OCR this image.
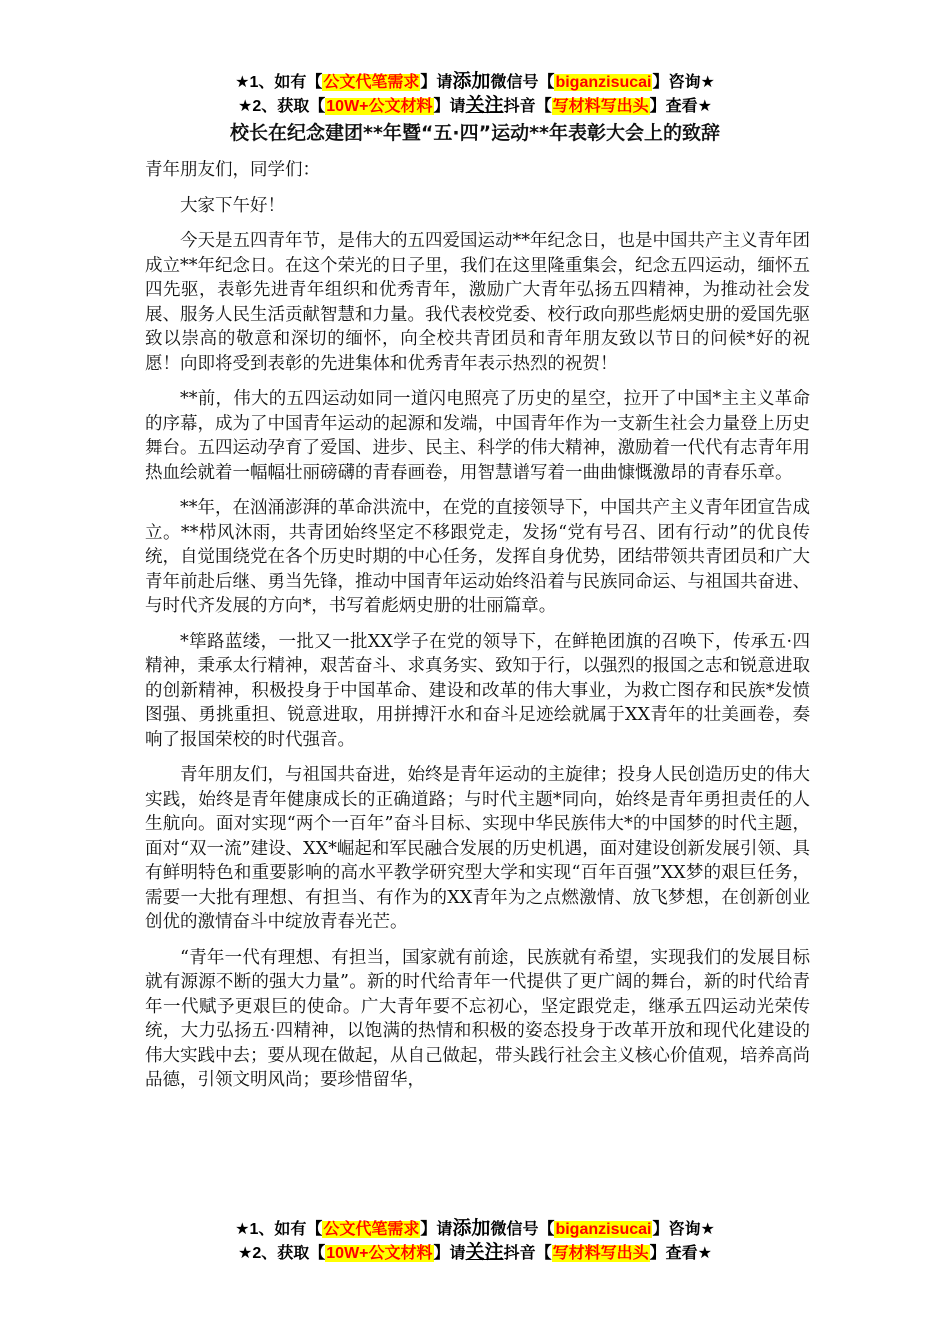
★1、如有【公文代笔需求】请添加微信号【biganzisucai】咨询★
★2、获取【10W+公文材料】请关注抖音【写材料写出头】查看★
校长在纪念建团**年暨“五·四”运动**年表彰大会上的致辞

青年朋友们，同学们：

大家下午好！

今天是五四青年节，是伟大的五四爱国运动**年纪念日，也是中国共产主义青年团成立**年纪念日。在这个荣光的日子里，我们在这里隆重集会，纪念五四运动，缅怀五四先驱，表彰先进青年组织和优秀青年，激励广大青年弘扬五四精神，为推动社会发展、服务人民生活贡献智慧和力量。我代表校党委、校行政向那些彪炳史册的爱国先驱致以崇高的敬意和深切的缅怀，向全校共青团员和青年朋友致以节日的问候*好的祝愿！向即将受到表彰的先进集体和优秀青年表示热烈的祝贺！

**前，伟大的五四运动如同一道闪电照亮了历史的星空，拉开了中国*主主义革命的序幕，成为了中国青年运动的起源和发端，中国青年作为一支新生社会力量登上历史舞台。五四运动孕育了爱国、进步、民主、科学的伟大精神，激励着一代代有志青年用热血绘就着一幅幅壮丽磅礴的青春画卷，用智慧谱写着一曲曲慷慨激昂的青春乐章。

**年，在汹涌澎湃的革命洪流中，在党的直接领导下，中国共产主义青年团宣告成立。**栉风沐雨，共青团始终坚定不移跟党走，发扬“党有号召、团有行动”的优良传统，自觉围绕党在各个历史时期的中心任务，发挥自身优势，团结带领共青团员和广大青年前赴后继、勇当先锋，推动中国青年运动始终沿着与民族同命运、与祖国共奋进、与时代齐发展的方向*，书写着彪炳史册的壮丽篇章。

*筚路蓝缕，一批又一批XX学子在党的领导下，在鲜艳团旗的召唤下，传承五·四精神，秉承太行精神，艰苦奋斗、求真务实、致知于行，以强烈的报国之志和锐意进取的创新精神，积极投身于中国革命、建设和改革的伟大事业，为救亡图存和民族*发愤图强、勇挑重担、锐意进取，用拼搏汗水和奋斗足迹绘就属于XX青年的壮美画卷，奏响了报国荣校的时代强音。

青年朋友们，与祖国共奋进，始终是青年运动的主旋律；投身人民创造历史的伟大实践，始终是青年健康成长的正确道路；与时代主题*同向，始终是青年勇担责任的人生航向。面对实现“两个一百年”奋斗目标、实现中华民族伟大*的中国梦的时代主题，面对“双一流”建设、XX*崛起和军民融合发展的历史机遇，面对建设创新发展引领、具有鲜明特色和重要影响的高水平教学研究型大学和实现“百年百强”XX梦的艰巨任务，需要一大批有理想、有担当、有作为的XX青年为之点燃激情、放飞梦想，在创新创业创优的激情奋斗中绽放青春光芒。

“青年一代有理想、有担当，国家就有前途，民族就有希望，实现我们的发展目标就有源源不断的强大力量”。新的时代给青年一代提供了更广阔的舞台，新的时代给青年一代赋予更艰巨的使命。广大青年要不忘初心，坚定跟党走，继承五四运动光荣传统，大力弘扬五·四精神，以饱满的热情和积极的姿态投身于改革开放和现代化建设的伟大实践中去；要从现在做起，从自己做起，带头践行社会主义核心价值观，培养高尚品德，引领文明风尚；要珍惜留华，

★1、如有【公文代笔需求】请添加微信号【biganzisucai】咨询★
★2、获取【10W+公文材料】请关注抖音【写材料写出头】查看★
